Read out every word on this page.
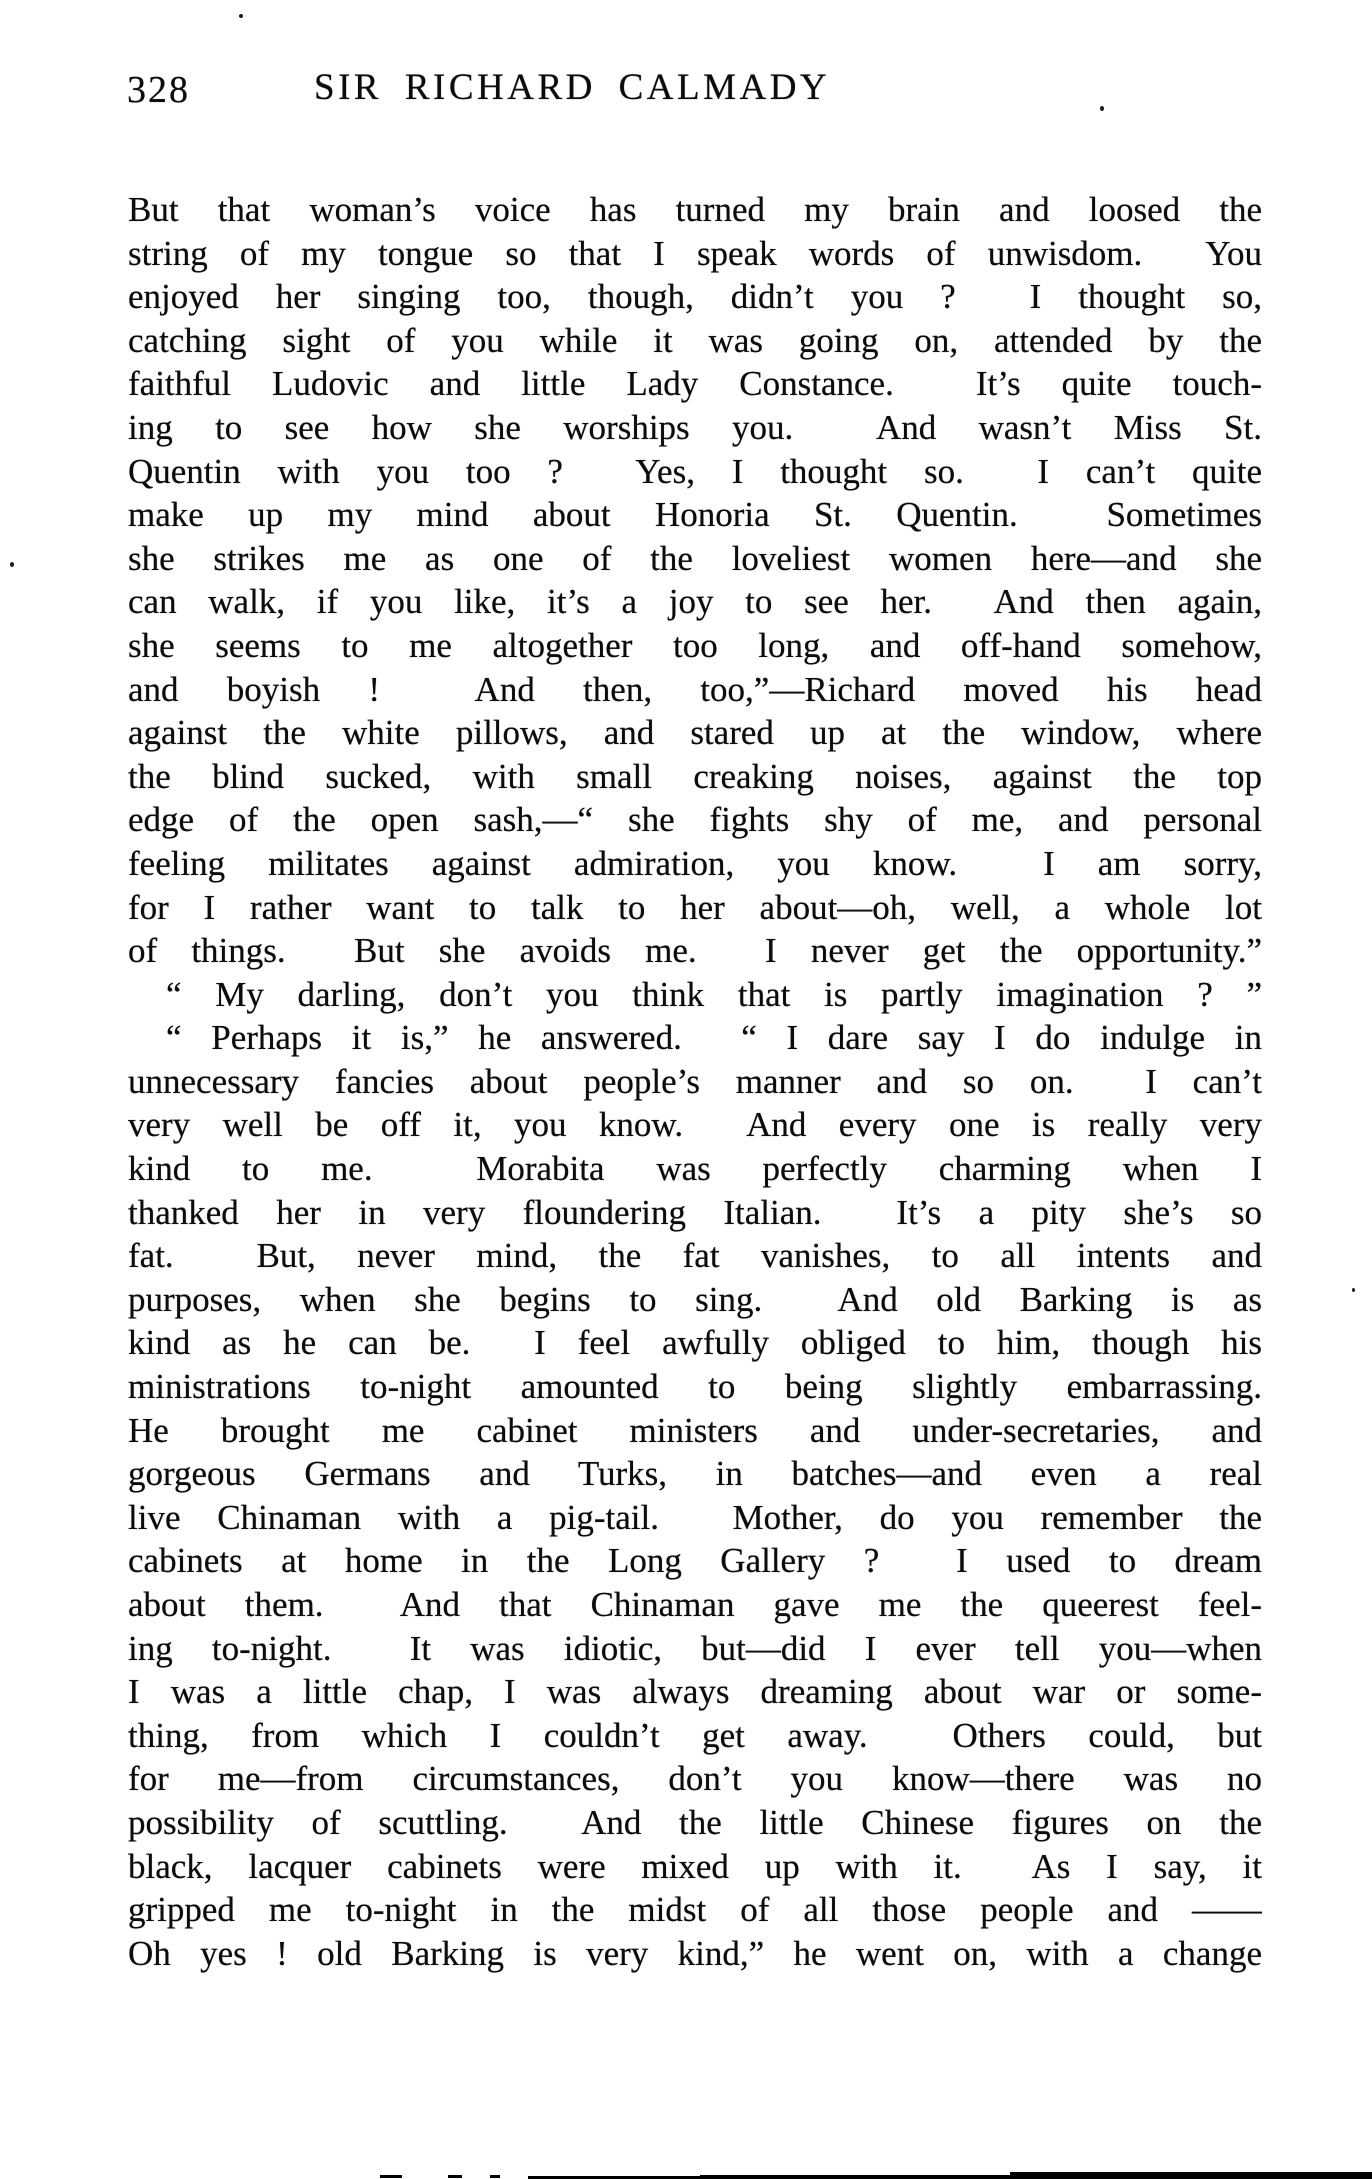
328	SIR RICHARD CALMADY
But that woman’s voice has turned my brain and loosed the
string of my tongue so that I speak words of unwisdom.  You
enjoyed her singing too, though, didn’t you ?  I thought so,
catching sight of you while it was going on, attended by the
faithful Ludovic and little Lady Constance.  It’s quite touch-
ing to see how she worships you.  And wasn’t Miss St.
Quentin with you too ?  Yes, I thought so.  I can’t quite
make up my mind about Honoria St. Quentin.  Sometimes
she strikes me as one of the loveliest women here—and she
can walk, if you like, it’s a joy to see her.  And then again,
she seems to me altogether too long, and off-hand somehow,
and boyish !  And then, too,”—Richard moved his head
against the white pillows, and stared up at the window, where
the blind sucked, with small creaking noises, against the top
edge of the open sash,—“ she fights shy of me, and personal
feeling militates against admiration, you know.  I am sorry,
for I rather want to talk to her about—oh, well, a whole lot
of things.  But she avoids me.  I never get the opportunity.”
“ My darling, don’t you think that is partly imagination ? ”
“ Perhaps it is,” he answered.  “ I dare say I do indulge in
unnecessary fancies about people’s manner and so on.  I can’t
very well be off it, you know.  And every one is really very
kind to me.  Morabita was perfectly charming when I
thanked her in very floundering Italian.  It’s a pity she’s so
fat.  But, never mind, the fat vanishes, to all intents and
purposes, when she begins to sing.  And old Barking is as
kind as he can be.  I feel awfully obliged to him, though his
ministrations to-night amounted to being slightly embarrassing.
He brought me cabinet ministers and under-secretaries, and
gorgeous Germans and Turks, in batches—and even a real
live Chinaman with a pig-tail.  Mother, do you remember the
cabinets at home in the Long Gallery ?  I used to dream
about them.  And that Chinaman gave me the queerest feel-
ing to-night.  It was idiotic, but—did I ever tell you—when
I was a little chap, I was always dreaming about war or some-
thing, from which I couldn’t get away.  Others could, but
for me—from circumstances, don’t you know—there was no
possibility of scuttling.  And the little Chinese figures on the
black, lacquer cabinets were mixed up with it.  As I say, it
gripped me to-night in the midst of all those people and ——
Oh yes ! old Barking is very kind,” he went on, with a change
